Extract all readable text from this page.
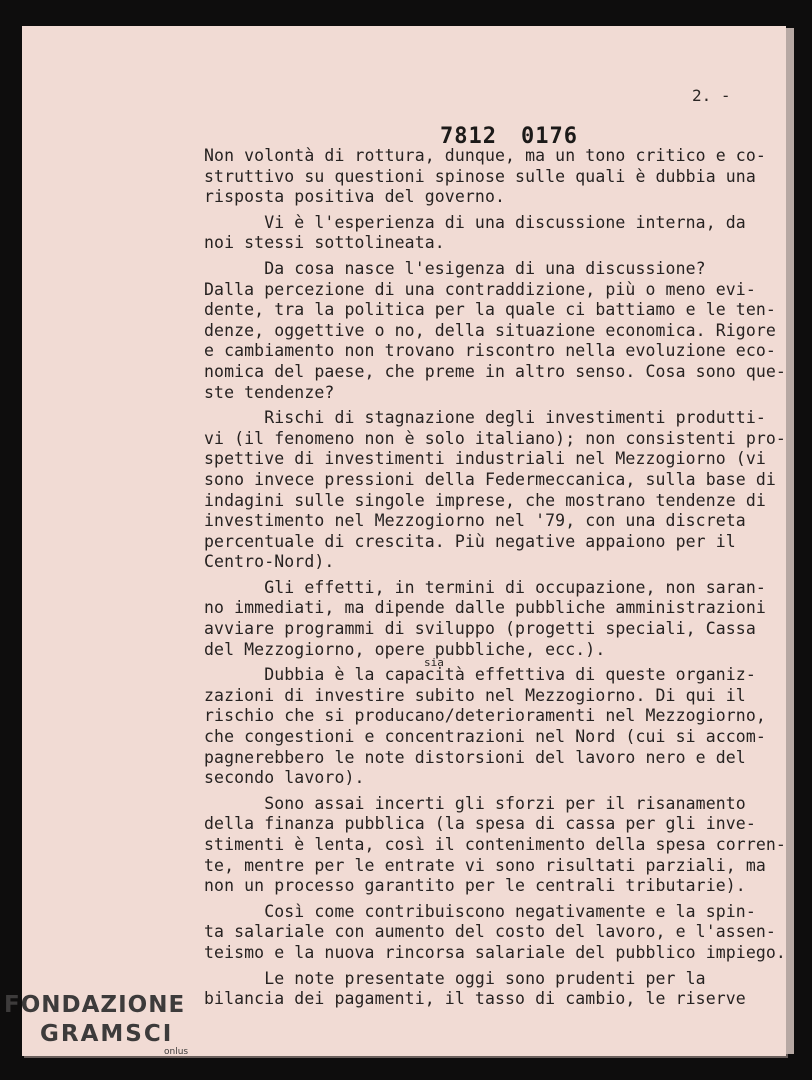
2. -
7812 0176
Non volontà di rottura, dunque, ma un tono critico e co-
struttivo su questioni spinose sulle quali è dubbia una
risposta positiva del governo.
Vi è l'esperienza di una discussione interna, da
noi stessi sottolineata.
Da cosa nasce l'esigenza di una discussione?
Dalla percezione di una contraddizione, più o meno evi-
dente, tra la politica per la quale ci battiamo e le ten-
denze, oggettive o no, della situazione economica. Rigore
e cambiamento non trovano riscontro nella evoluzione eco-
nomica del paese, che preme in altro senso. Cosa sono que-
ste tendenze?
Rischi di stagnazione degli investimenti produtti-
vi (il fenomeno non è solo italiano); non consistenti pro-
spettive di investimenti industriali nel Mezzogiorno (vi
sono invece pressioni della Federmeccanica, sulla base di
indagini sulle singole imprese, che mostrano tendenze di
investimento nel Mezzogiorno nel '79, con una discreta
percentuale di crescita. Più negative appaiono per il
Centro-Nord).
Gli effetti, in termini di occupazione, non saran-
no immediati, ma dipende dalle pubbliche amministrazioni
avviare programmi di sviluppo (progetti speciali, Cassa
del Mezzogiorno, opere pubbliche, ecc.).
Dubbia è la capacità effettiva di queste organiz-
zazioni di investire subito nel Mezzogiorno. Di qui il
rischio che si producano/deterioramenti nel Mezzogiorno,
che congestioni e concentrazioni nel Nord (cui si accom-
pagnerebbero le note distorsioni del lavoro nero e del
secondo lavoro).
Sono assai incerti gli sforzi per il risanamento
della finanza pubblica (la spesa di cassa per gli inve-
stimenti è lenta, così il contenimento della spesa corren-
te, mentre per le entrate vi sono risultati parziali, ma
non un processo garantito per le centrali tributarie).
Così come contribuiscono negativamente e la spin-
ta salariale con aumento del costo del lavoro, e l'assen-
teismo e la nuova rincorsa salariale del pubblico impiego.
Le note presentate oggi sono prudenti per la
bilancia dei pagamenti, il tasso di cambio, le riserve
sia
FONDAZIONE
GRAMSCI
onlus
